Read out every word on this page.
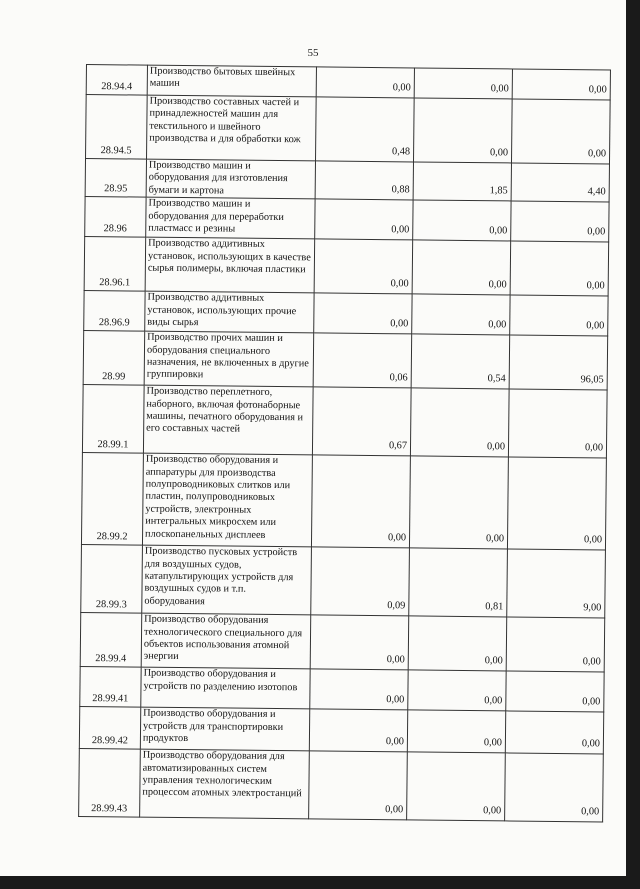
55
28.94.4	Производство бытовых швейных машин	0,00	0,00	0,00
28.94.5	Производство составных частей и принадлежностей машин для текстильного и швейного производства и для обработки кож	0,48	0,00	0,00
28.95	Производство машин и оборудования для изготовления бумаги и картона	0,88	1,85	4,40
28.96	Производство машин и оборудования для переработки пластмасс и резины	0,00	0,00	0,00
28.96.1	Производство аддитивных установок, использующих в качестве сырья полимеры, включая пластики	0,00	0,00	0,00
28.96.9	Производство аддитивных установок, использующих прочие виды сырья	0,00	0,00	0,00
28.99	Производство прочих машин и оборудования специального назначения, не включенных в другие группировки	0,06	0,54	96,05
28.99.1	Производство переплетного, наборного, включая фотонаборные машины, печатного оборудования и его составных частей	0,67	0,00	0,00
28.99.2	Производство оборудования и аппаратуры для производства полупроводниковых слитков или пластин, полупроводниковых устройств, электронных интегральных микросхем или плоскопанельных дисплеев	0,00	0,00	0,00
28.99.3	Производство пусковых устройств для воздушных судов, катапультирующих устройств для воздушных судов и т.п. оборудования	0,09	0,81	9,00
28.99.4	Производство оборудования технологического специального для объектов использования атомной энергии	0,00	0,00	0,00
28.99.41	Производство оборудования и устройств по разделению изотопов	0,00	0,00	0,00
28.99.42	Производство оборудования и устройств для транспортировки продуктов	0,00	0,00	0,00
28.99.43	Производство оборудования для автоматизированных систем управления технологическим процессом атомных электростанций	0,00	0,00	0,00
